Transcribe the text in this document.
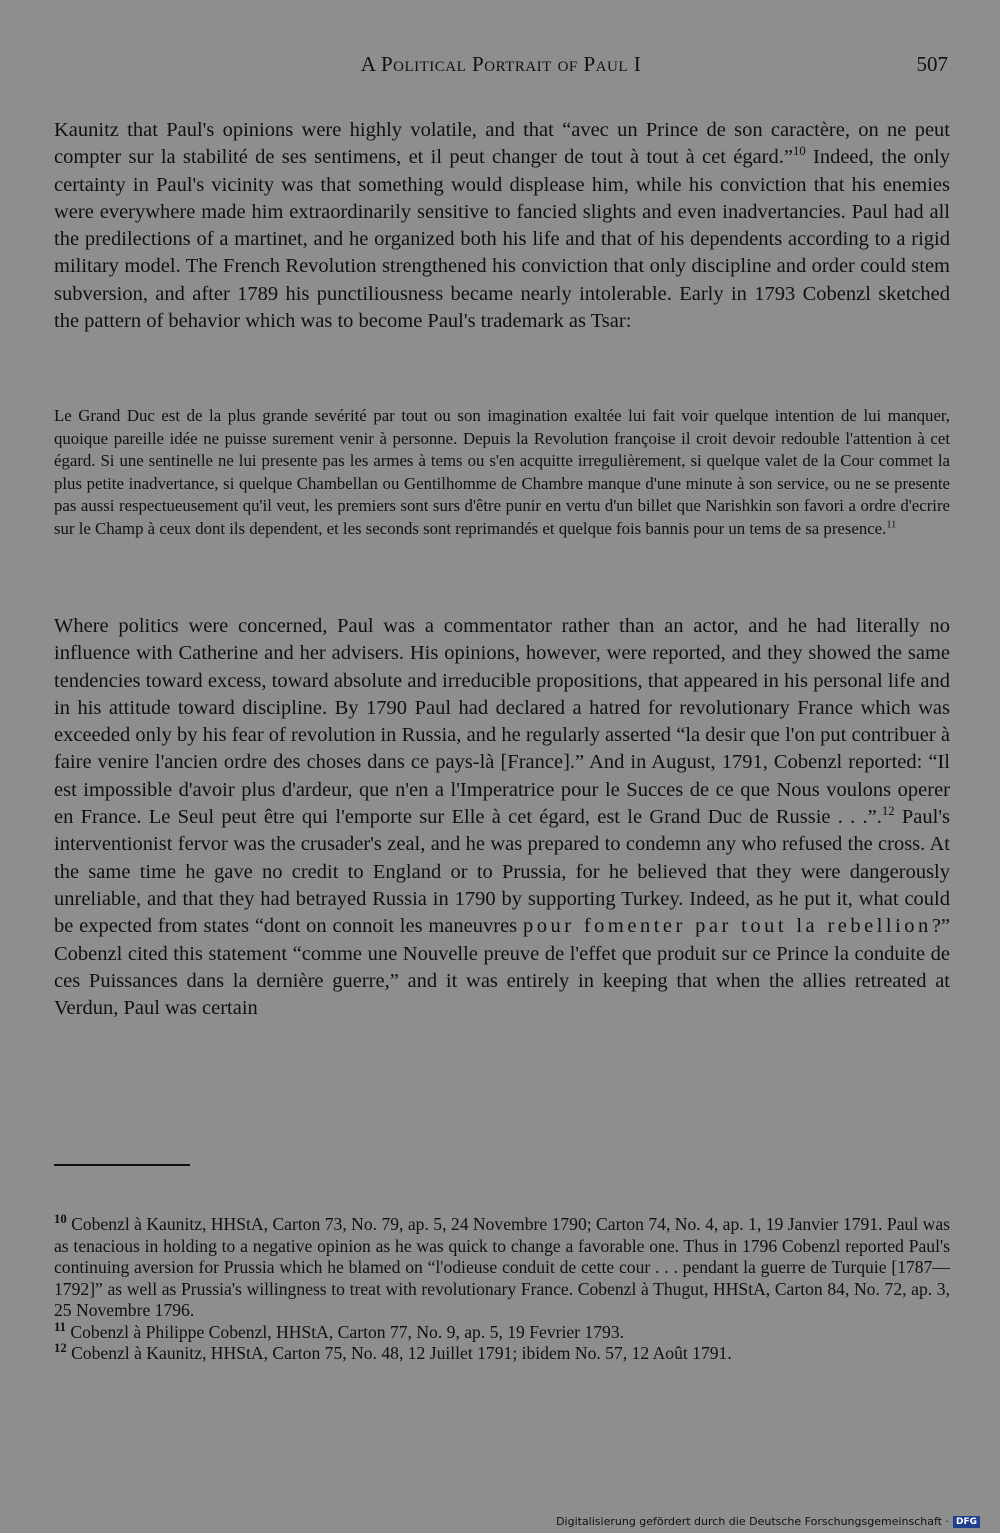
A Political Portrait of Paul I	507

Kaunitz that Paul's opinions were highly volatile, and that “avec un Prince de son caractère, on ne peut compter sur la stabilité de ses sentimens, et il peut changer de tout à tout à cet égard.”$^{10}$ Indeed, the only certainty in Paul's vicinity was that something would displease him, while his conviction that his enemies were everywhere made him extraordinarily sensitive to fancied slights and even inadvertancies. Paul had all the predilections of a martinet, and he organized both his life and that of his dependents according to a rigid military model. The French Revolution strengthened his conviction that only discipline and order could stem subversion, and after 1789 his punctiliousness became nearly intolerable. Early in 1793 Cobenzl sketched the pattern of behavior which was to become Paul's trademark as Tsar:

Le Grand Duc est de la plus grande sevérité par tout ou son imagination exaltée lui fait voir quelque intention de lui manquer, quoique pareille idée ne puisse surement venir à personne. Depuis la Revolution françoise il croit devoir redouble l'attention à cet égard. Si une sentinelle ne lui presente pas les armes à tems ou s'en acquitte irregulièrement, si quelque valet de la Cour commet la plus petite inadvertance, si quelque Chambellan ou Gentilhomme de Chambre manque d'une minute à son service, ou ne se presente pas aussi respectueusement qu'il veut, les premiers sont surs d'être punir en vertu d'un billet que Narishkin son favori a ordre d'ecrire sur le Champ à ceux dont ils dependent, et les seconds sont reprimandés et quelque fois bannis pour un tems de sa presence.$^{11}$

Where politics were concerned, Paul was a commentator rather than an actor, and he had literally no influence with Catherine and her advisers. His opinions, however, were reported, and they showed the same tendencies toward excess, toward absolute and irreducible propositions, that appeared in his personal life and in his attitude toward discipline. By 1790 Paul had declared a hatred for revolutionary France which was exceeded only by his fear of revolution in Russia, and he regularly asserted “la desir que l'on put contribuer à faire venire l'ancien ordre des choses dans ce pays-là [France].” And in August, 1791, Cobenzl reported: “Il est impossible d'avoir plus d'ardeur, que n'en a l'Imperatrice pour le Succes de ce que Nous voulons operer en France. Le Seul peut être qui l'emporte sur Elle à cet égard, est le Grand Duc de Russie . . .”.$^{12}$ Paul's interventionist fervor was the crusader's zeal, and he was prepared to condemn any who refused the cross. At the same time he gave no credit to England or to Prussia, for he believed that they were dangerously unreliable, and that they had betrayed Russia in 1790 by supporting Turkey. Indeed, as he put it, what could be expected from states “dont on connoit les maneuvres pour fomenter par tout la rebellion?” Cobenzl cited this statement “comme une Nouvelle preuve de l'effet que produit sur ce Prince la conduite de ces Puissances dans la dernière guerre,” and it was entirely in keeping that when the allies retreated at Verdun, Paul was certain

$^{10}$ Cobenzl à Kaunitz, HHStA, Carton 73, No. 79, ap. 5, 24 Novembre 1790; Carton 74, No. 4, ap. 1, 19 Janvier 1791. Paul was as tenacious in holding to a negative opinion as he was quick to change a favorable one. Thus in 1796 Cobenzl reported Paul's continuing aversion for Prussia which he blamed on “l'odieuse conduit de cette cour . . . pendant la guerre de Turquie [1787—1792]” as well as Prussia's willingness to treat with revolutionary France. Cobenzl à Thugut, HHStA, Carton 84, No. 72, ap. 3, 25 Novembre 1796.

$^{11}$ Cobenzl à Philippe Cobenzl, HHStA, Carton 77, No. 9, ap. 5, 19 Fevrier 1793.

$^{12}$ Cobenzl à Kaunitz, HHStA, Carton 75, No. 48, 12 Juillet 1791; ibidem No. 57, 12 Août 1791.

Digitalisierung gefördert durch die Deutsche Forschungsgemeinschaft · DFG
